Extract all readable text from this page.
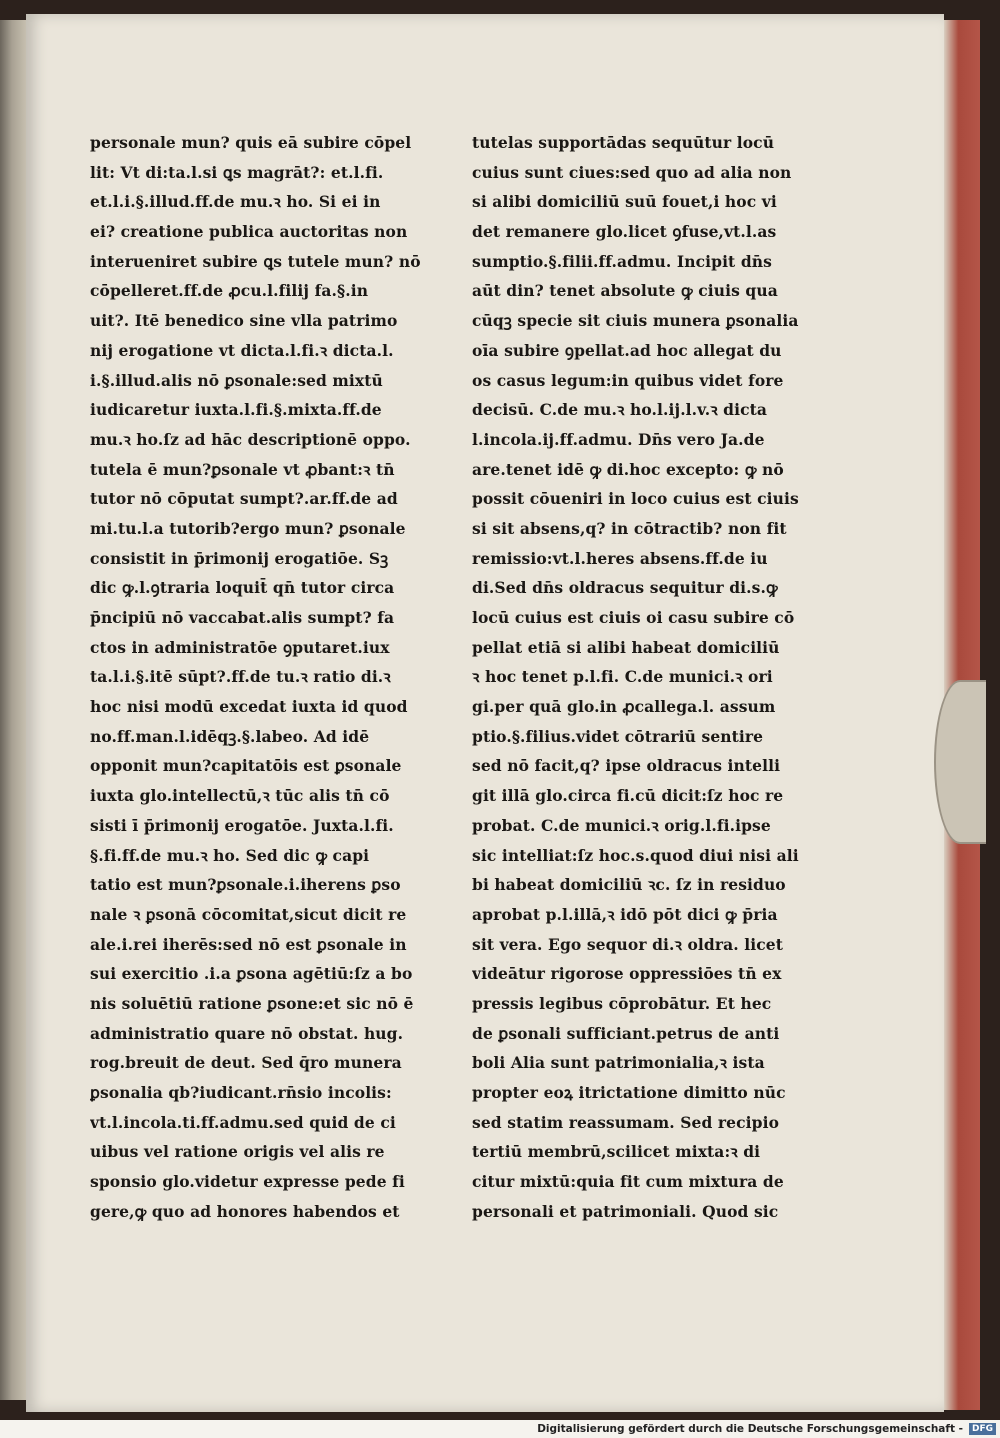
personale mun? quis eā subire cōpel
lit: Vt di:ta.l.si ꝗs magrāt?: et.l.fi.
et.l.i.§.illud.ff.de mu.ꝛ ho. Si ei in
ei? creatione publica auctoritas non
interueniret subire ꝗs tutele mun? nō
cōpelleret.ff.de ꝓcu.l.filij fa.§.in
uit?. Itē benedico sine vlla patrimo
nij erogatione vt dicta.l.fi.ꝛ dicta.l.
i.§.illud.alis nō ꝑsonale:sed mixtū
iudicaretur iuxta.l.fi.§.mixta.ff.de
mu.ꝛ ho.ſz ad hāc descriptionē oppo.
tutela ē mun?ꝑsonale vt ꝓbant:ꝛ tn̄
tutor nō cōputat sumpt?.ar.ff.de ad
mi.tu.l.a tutorib?ergo mun? ꝑsonale
consistit in p̄rimonij erogatiōe. Sꝫ
dic ꝙ.l.ꝯtraria loquit̄ qn̄ tutor circa
p̄ncipiū nō vaccabat.alis sumpt? fa
ctos in administratōe ꝯputaret.iux
ta.l.i.§.itē sūpt?.ff.de tu.ꝛ ratio di.ꝛ
hoc nisi modū excedat iuxta id quod
no.ff.man.l.idēqꝫ.§.labeo. Ad idē
opponit mun?capitatōis est ꝑsonale
iuxta glo.intellectū,ꝛ tūc alis tn̄ cō
sisti ī p̄rimonij erogatōe. Juxta.l.fi.
§.fi.ff.de mu.ꝛ ho. Sed dic ꝙ capi
tatio est mun?ꝑsonale.i.iherens ꝑso
nale ꝛ ꝑsonā cōcomitat,sicut dicit re
ale.i.rei iherēs:sed nō est ꝑsonale in
sui exercitio .i.a ꝑsona agētiū:ſz a bo
nis soluētiū ratione ꝑsone:et sic nō ē
administratio quare nō obstat. hug.
rog.breuit de deut. Sed q̄ro munera
ꝑsonalia qb?iudicant.rn̄sio incolis:
vt.l.incola.ti.ff.admu.sed quid de ci
uibus vel ratione origis vel alis re
sponsio glo.videtur expresse pede fi
gere,ꝙ quo ad honores habendos et
tutelas supportādas sequūtur locū
cuius sunt ciues:sed quo ad alia non
si alibi domiciliū suū fouet,i hoc vi
det remanere glo.licet ꝯfuse,vt.l.as
sumptio.§.filii.ff.admu. Incipit dn̄s
aūt din? tenet absolute ꝙ ciuis qua
cūqꝫ specie sit ciuis munera ꝑsonalia
oīa subire ꝯpellat.ad hoc allegat du
os casus legum:in quibus videt fore
decisū. C.de mu.ꝛ ho.l.ij.l.v.ꝛ dicta
l.incola.ij.ff.admu. Dn̄s vero Ja.de
are.tenet idē ꝙ di.hoc excepto: ꝙ nō
possit cōueniri in loco cuius est ciuis
si sit absens,q? in cōtractib? non fit
remissio:vt.l.heres absens.ff.de iu
di.Sed dn̄s oldracus sequitur di.s.ꝙ
locū cuius est ciuis oi casu subire cō
pellat etiā si alibi habeat domiciliū
ꝛ hoc tenet p.l.fi. C.de munici.ꝛ ori
gi.per quā glo.in ꝓcallega.l. assum
ptio.§.filius.videt cōtrariū sentire
sed nō facit,q? ipse oldracus intelli
git illā glo.circa fi.cū dicit:ſz hoc re
probat. C.de munici.ꝛ orig.l.fi.ipse
sic intelliat:ſz hoc.s.quod diui nisi ali
bi habeat domiciliū ꝛc. ſz in residuo
aprobat p.l.illā,ꝛ idō pōt dici ꝙ p̄ria
sit vera. Ego sequor di.ꝛ oldra. licet
videātur rigorose oppressiōes tn̄ ex
pressis legibus cōprobātur. Et hec
de ꝑsonali sufficiant.petrus de anti
boli Alia sunt patrimonialia,ꝛ ista
propter eoꝝ itrictatione dimitto nūc
sed statim reassumam. Sed recipio
tertiū membrū,scilicet mixta:ꝛ di
citur mixtū:quia fit cum mixtura de
personali et patrimoniali. Quod sic
Digitalisierung gefördert durch die Deutsche Forschungsgemeinschaft -	DFG
